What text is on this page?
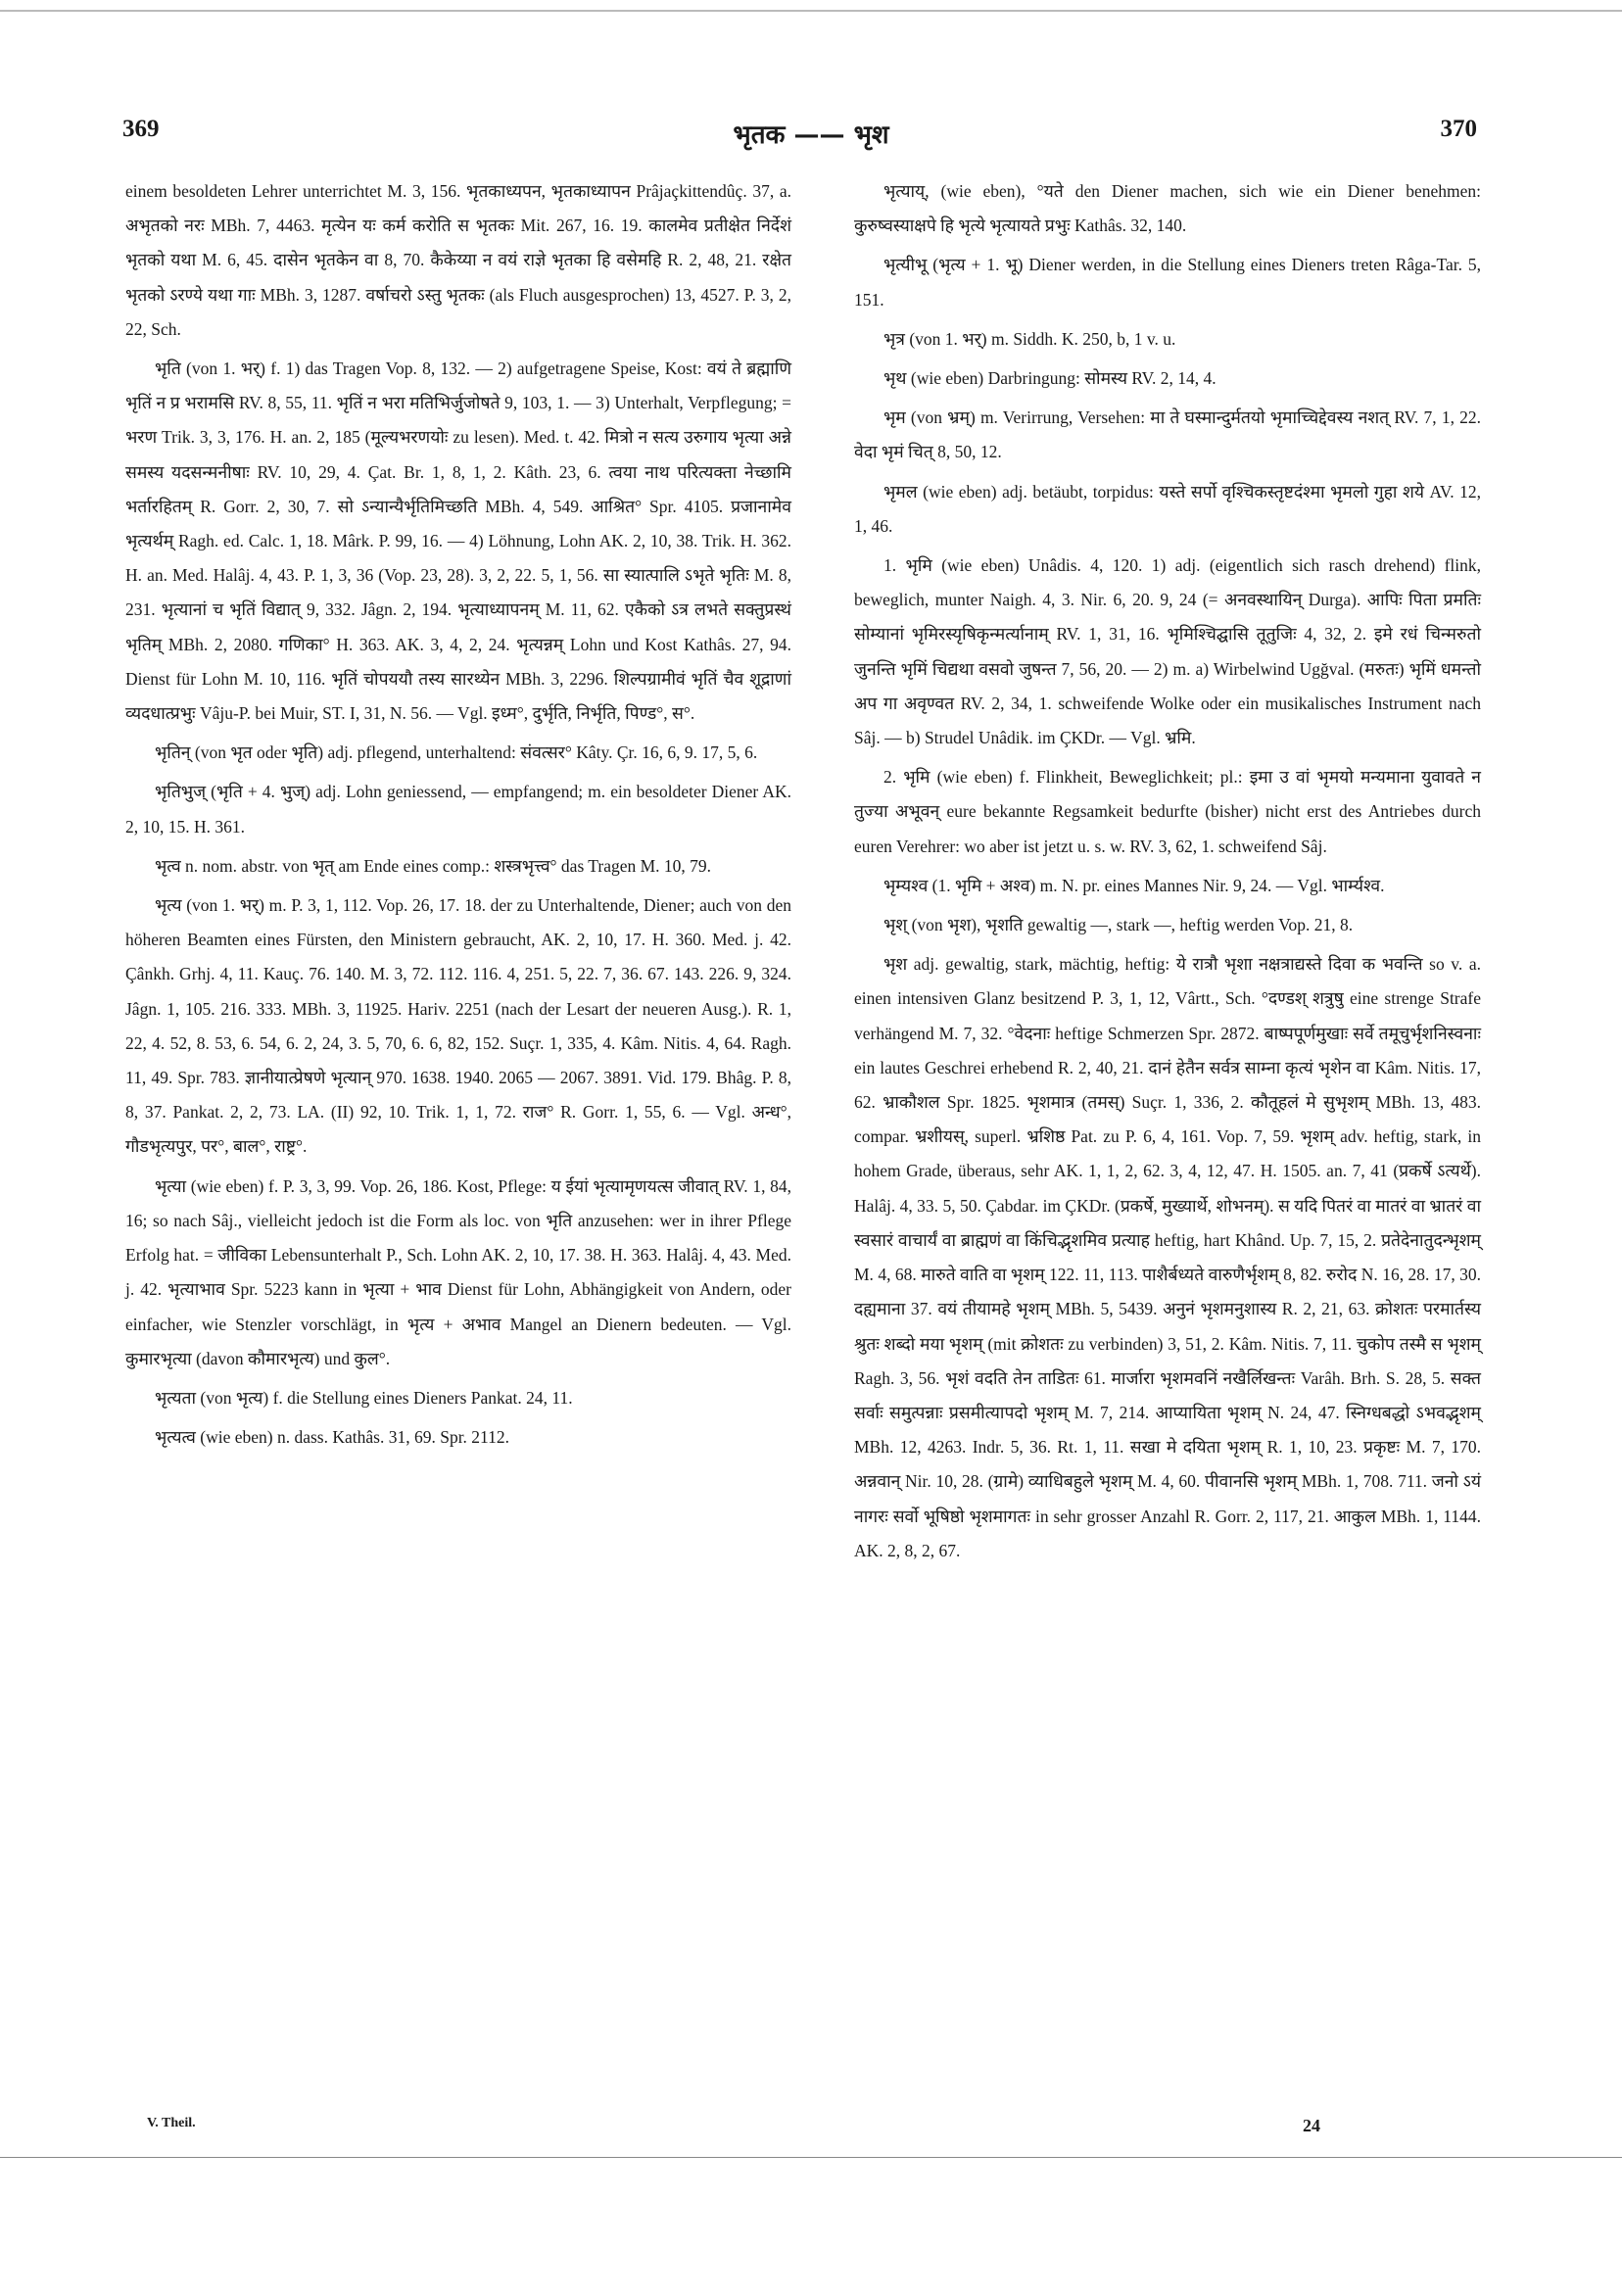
369	भृतक —— भृश	370

einem besoldeten Lehrer unterrichtet M. 3, 156. भृतकाध्यपन, भृतकाध्यापन Prâjaçkittendûç. 37, a. अभृतको नरः MBh. 7, 4463. मृत्येन यः कर्म करोति स भृतकः Mit. 267, 16. 19. कालमेव प्रतीक्षेत निर्देशं भृतको यथा M. 6, 45. दासेन भृतकेन वा 8, 70. कैकेय्या न वयं राज्ञे भृतका हि वसेमहि R. 2, 48, 21. रक्षेत भृतको ऽरण्ये यथा गाः MBh. 3, 1287. वर्षाचरो ऽस्तु भृतकः (als Fluch ausgesprochen) 13, 4527. P. 3, 2, 22, Sch.

भृति (von 1. भर्) f. 1) das Tragen Vop. 8, 132. — 2) aufgetragene Speise, Kost: वयं ते ब्रह्माणि भृतिं न प्र भरामसि RV. 8, 55, 11. भृतिं न भरा मतिभिर्जुजोषते 9, 103, 1. — 3) Unterhalt, Verpflegung; = भरण Trik. 3, 3, 176. H. an. 2, 185 (मूल्यभरणयोः zu lesen). Med. t. 42. मित्रो न सत्य उरुगाय भृत्या अन्ने समस्य यदसन्मनीषाः RV. 10, 29, 4. Çat. Br. 1, 8, 1, 2. Kâth. 23, 6. त्वया नाथ परित्यक्ता नेच्छामि भर्तारहितम् R. Gorr. 2, 30, 7. सो ऽन्यान्यैर्भृतिमिच्छति MBh. 4, 549. आश्रित° Spr. 4105. प्रजानामेव भृत्यर्थम् Ragh. ed. Calc. 1, 18. Mârk. P. 99, 16. — 4) Löhnung, Lohn AK. 2, 10, 38. Trik. H. 362. H. an. Med. Halâj. 4, 43. P. 1, 3, 36 (Vop. 23, 28). 3, 2, 22. 5, 1, 56. सा स्यात्पालि ऽभृते भृतिः M. 8, 231. भृत्यानां च भृतिं विद्यात् 9, 332. Jâgn. 2, 194. भृत्याध्यापनम् M. 11, 62. एकैको ऽत्र लभते सक्तुप्रस्थं भृतिम् MBh. 2, 2080. गणिका° H. 363. AK. 3, 4, 2, 24. भृत्यन्नम् Lohn und Kost Kathâs. 27, 94. Dienst für Lohn M. 10, 116. भृतिं चोपययौ तस्य सारथ्येन MBh. 3, 2296. शिल्पग्रामीवं भृतिं चैव शूद्राणां व्यदधात्प्रभुः Vâju-P. bei Muir, ST. I, 31, N. 56. — Vgl. इध्म°, दुर्भृति, निर्भृति, पिण्ड°, स°.

भृतिन् (von भृत oder भृति) adj. pflegend, unterhaltend: संवत्सर° Kâty. Çr. 16, 6, 9. 17, 5, 6.

भृतिभुज् (भृति + 4. भुज्) adj. Lohn geniessend, — empfangend; m. ein besoldeter Diener AK. 2, 10, 15. H. 361.

भृत्व n. nom. abstr. von भृत् am Ende eines comp.: शस्त्रभृत्त्व° das Tragen M. 10, 79.

भृत्य (von 1. भर्) m. P. 3, 1, 112. Vop. 26, 17. 18. der zu Unterhaltende, Diener; auch von den höheren Beamten eines Fürsten, den Ministern gebraucht, AK. 2, 10, 17. H. 360. Med. j. 42. Çânkh. Grhj. 4, 11. Kauç. 76. 140. M. 3, 72. 112. 116. 4, 251. 5, 22. 7, 36. 67. 143. 226. 9, 324. Jâgn. 1, 105. 216. 333. MBh. 3, 11925. Hariv. 2251 (nach der Lesart der neueren Ausg.). R. 1, 22, 4. 52, 8. 53, 6. 54, 6. 2, 24, 3. 5, 70, 6. 6, 82, 152. Suçr. 1, 335, 4. Kâm. Nitis. 4, 64. Ragh. 11, 49. Spr. 783. ज्ञानीयात्प्रेषणे भृत्यान् 970. 1638. 1940. 2065 — 2067. 3891. Vid. 179. Bhâg. P. 8, 8, 37. Pankat. 2, 2, 73. LA. (II) 92, 10. Trik. 1, 1, 72. राज° R. Gorr. 1, 55, 6. — Vgl. अन्ध°, गौडभृत्यपुर, पर°, बाल°, राष्ट्र°.

भृत्या (wie eben) f. P. 3, 3, 99. Vop. 26, 186. Kost, Pflege: य ईयां भृत्यामृणयत्स जीवात् RV. 1, 84, 16; so nach Sâj., vielleicht jedoch ist die Form als loc. von भृति anzusehen: wer in ihrer Pflege Erfolg hat. = जीविका Lebensunterhalt P., Sch. Lohn AK. 2, 10, 17. 38. H. 363. Halâj. 4, 43. Med. j. 42. भृत्याभाव Spr. 5223 kann in भृत्या + भाव Dienst für Lohn, Abhängigkeit von Andern, oder einfacher, wie Stenzler vorschlägt, in भृत्य + अभाव Mangel an Dienern bedeuten. — Vgl. कुमारभृत्या (davon कौमारभृत्य) und कुल°.

भृत्यता (von भृत्य) f. die Stellung eines Dieners Pankat. 24, 11.

भृत्यत्व (wie eben) n. dass. Kathâs. 31, 69. Spr. 2112.

भृत्याय्, (wie eben), °यते den Diener machen, sich wie ein Diener benehmen: कुरुष्वस्याक्षपे हि भृत्ये भृत्यायते प्रभुः Kathâs. 32, 140.

भृत्यीभू (भृत्य + 1. भू) Diener werden, in die Stellung eines Dieners treten Râga-Tar. 5, 151.

भृत्र (von 1. भर्) m. Siddh. K. 250, b, 1 v. u.

भृथ (wie eben) Darbringung: सोमस्य RV. 2, 14, 4.

भृम (von भ्रम्) m. Verirrung, Versehen: मा ते घस्मान्दुर्मतयो भृमाच्चिद्देवस्य नशत् RV. 7, 1, 22. वेदा भृमं चित् 8, 50, 12.

भृमल (wie eben) adj. betäubt, torpidus: यस्ते सर्पो वृश्चिकस्तृष्टदंश्मा भृमलो गुहा शये AV. 12, 1, 46.

1. भृमि (wie eben) Unâdis. 4, 120. 1) adj. (eigentlich sich rasch drehend) flink, beweglich, munter Naigh. 4, 3. Nir. 6, 20. 9, 24 (= अनवस्थायिन् Durga). आपिः पिता प्रमतिः सोम्यानां भृमिरस्यृषिकृन्मर्त्यानाम् RV. 1, 31, 16. भृमिश्चिद्घासि तूतुजिः 4, 32, 2. इमे रधं चिन्मरुतो जुनन्ति भृमिं चिद्यथा वसवो जुषन्त 7, 56, 20. — 2) m. a) Wirbelwind Ugğval. (मरुतः) भृमिं धमन्तो अप गा अवृण्वत RV. 2, 34, 1. schweifende Wolke oder ein musikalisches Instrument nach Sâj. — b) Strudel Unâdik. im ÇKDr. — Vgl. भ्रमि.

2. भृमि (wie eben) f. Flinkheit, Beweglichkeit; pl.: इमा उ वां भृमयो मन्यमाना युवावते न तुज्या अभूवन् eure bekannte Regsamkeit bedurfte (bisher) nicht erst des Antriebes durch euren Verehrer: wo aber ist jetzt u. s. w. RV. 3, 62, 1. schweifend Sâj.

भृम्यश्व (1. भृमि + अश्व) m. N. pr. eines Mannes Nir. 9, 24. — Vgl. भार्म्यश्व.

भृश् (von भृश), भृशति gewaltig —, stark —, heftig werden Vop. 21, 8.

भृश adj. gewaltig, stark, mächtig, heftig: ये रात्रौ भृशा नक्षत्राद्यस्ते दिवा क भवन्ति so v. a. einen intensiven Glanz besitzend P. 3, 1, 12, Vârtt., Sch. °दण्डश् शत्रुषु eine strenge Strafe verhängend M. 7, 32. °वेदनाः heftige Schmerzen Spr. 2872. बाष्पपूर्णमुखाः सर्वे तमूचुर्भृशनिस्वनाः ein lautes Geschrei erhebend R. 2, 40, 21. दानं हेतैन सर्वत्र साम्ना कृत्यं भृशेन वा Kâm. Nitis. 17, 62. भ्राकौशल Spr. 1825. भृशमात्र (तमस्) Suçr. 1, 336, 2. कौतूहलं मे सुभृशम् MBh. 13, 483. compar. भ्रशीयस्, superl. भ्रशिष्ठ Pat. zu P. 6, 4, 161. Vop. 7, 59. भृशम् adv. heftig, stark, in hohem Grade, überaus, sehr AK. 1, 1, 2, 62. 3, 4, 12, 47. H. 1505. an. 7, 41 (प्रकर्षे ऽत्यर्थे). Halâj. 4, 33. 5, 50. Çabdar. im ÇKDr. (प्रकर्षे, मुख्यार्थे, शोभनम्). स यदि पितरं वा मातरं वा भ्रातरं वा स्वसारं वाचार्यं वा ब्राह्मणं वा किंचिद्भृशमिव प्रत्याह heftig, hart Khând. Up. 7, 15, 2. प्रतेदेनातुदन्भृशम् M. 4, 68. मारुते वाति वा भृशम् 122. 11, 113. पाशैर्बध्यते वारुणैर्भृशम् 8, 82. रुरोद N. 16, 28. 17, 30. दह्यमाना 37. वयं तीयामहे भृशम् MBh. 5, 5439. अनुनं भृशमनुशास्य R. 2, 21, 63. क्रोशतः परमार्तस्य श्रुतः शब्दो मया भृशम् (mit क्रोशतः zu verbinden) 3, 51, 2. Kâm. Nitis. 7, 11. चुकोप तस्मै स भृशम् Ragh. 3, 56. भृशं वदति तेन ताडितः 61. मार्जारा भृशमवनिं नखैर्लिखन्तः Varâh. Brh. S. 28, 5. सक्त सर्वाः समुत्पन्नाः प्रसमीत्यापदो भृशम् M. 7, 214. आप्यायिता भृशम् N. 24, 47. स्निग्धबद्धो ऽभवद्भृशम् MBh. 12, 4263. Indr. 5, 36. Rt. 1, 11. सखा मे दयिता भृशम् R. 1, 10, 23. प्रकृष्टः M. 7, 170. अन्नवान् Nir. 10, 28. (ग्रामे) व्याधिबहुले भृशम् M. 4, 60. पीवानसि भृशम् MBh. 1, 708. 711. जनो ऽयं नागरः सर्वो भूषिष्ठो भृशमागतः in sehr grosser Anzahl R. Gorr. 2, 117, 21. आकुल MBh. 1, 1144. AK. 2, 8, 2, 67.

V. Theil.	24
